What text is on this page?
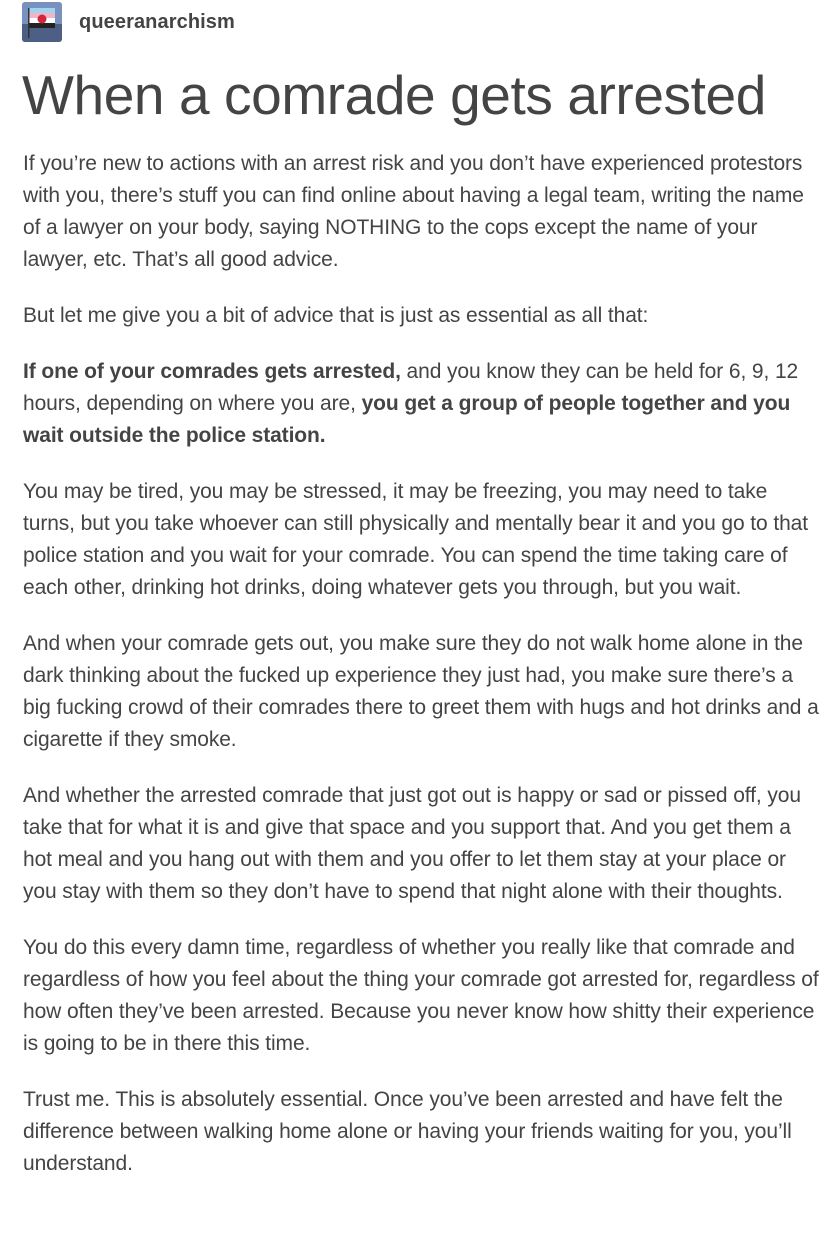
queeranarchism
When a comrade gets arrested

If you’re new to actions with an arrest risk and you don’t have experienced protestors with you, there’s stuff you can find online about having a legal team, writing the name of a lawyer on your body, saying NOTHING to the cops except the name of your lawyer, etc. That’s all good advice.

But let me give you a bit of advice that is just as essential as all that:

If one of your comrades gets arrested, and you know they can be held for 6, 9, 12 hours, depending on where you are, you get a group of people together and you wait outside the police station.

You may be tired, you may be stressed, it may be freezing, you may need to take turns, but you take whoever can still physically and mentally bear it and you go to that police station and you wait for your comrade. You can spend the time taking care of each other, drinking hot drinks, doing whatever gets you through, but you wait.

And when your comrade gets out, you make sure they do not walk home alone in the dark thinking about the fucked up experience they just had, you make sure there’s a big fucking crowd of their comrades there to greet them with hugs and hot drinks and a cigarette if they smoke.

And whether the arrested comrade that just got out is happy or sad or pissed off, you take that for what it is and give that space and you support that. And you get them a hot meal and you hang out with them and you offer to let them stay at your place or you stay with them so they don’t have to spend that night alone with their thoughts.

You do this every damn time, regardless of whether you really like that comrade and regardless of how you feel about the thing your comrade got arrested for, regardless of how often they’ve been arrested. Because you never know how shitty their experience is going to be in there this time.

Trust me. This is absolutely essential. Once you’ve been arrested and have felt the difference between walking home alone or having your friends waiting for you, you’ll understand.
